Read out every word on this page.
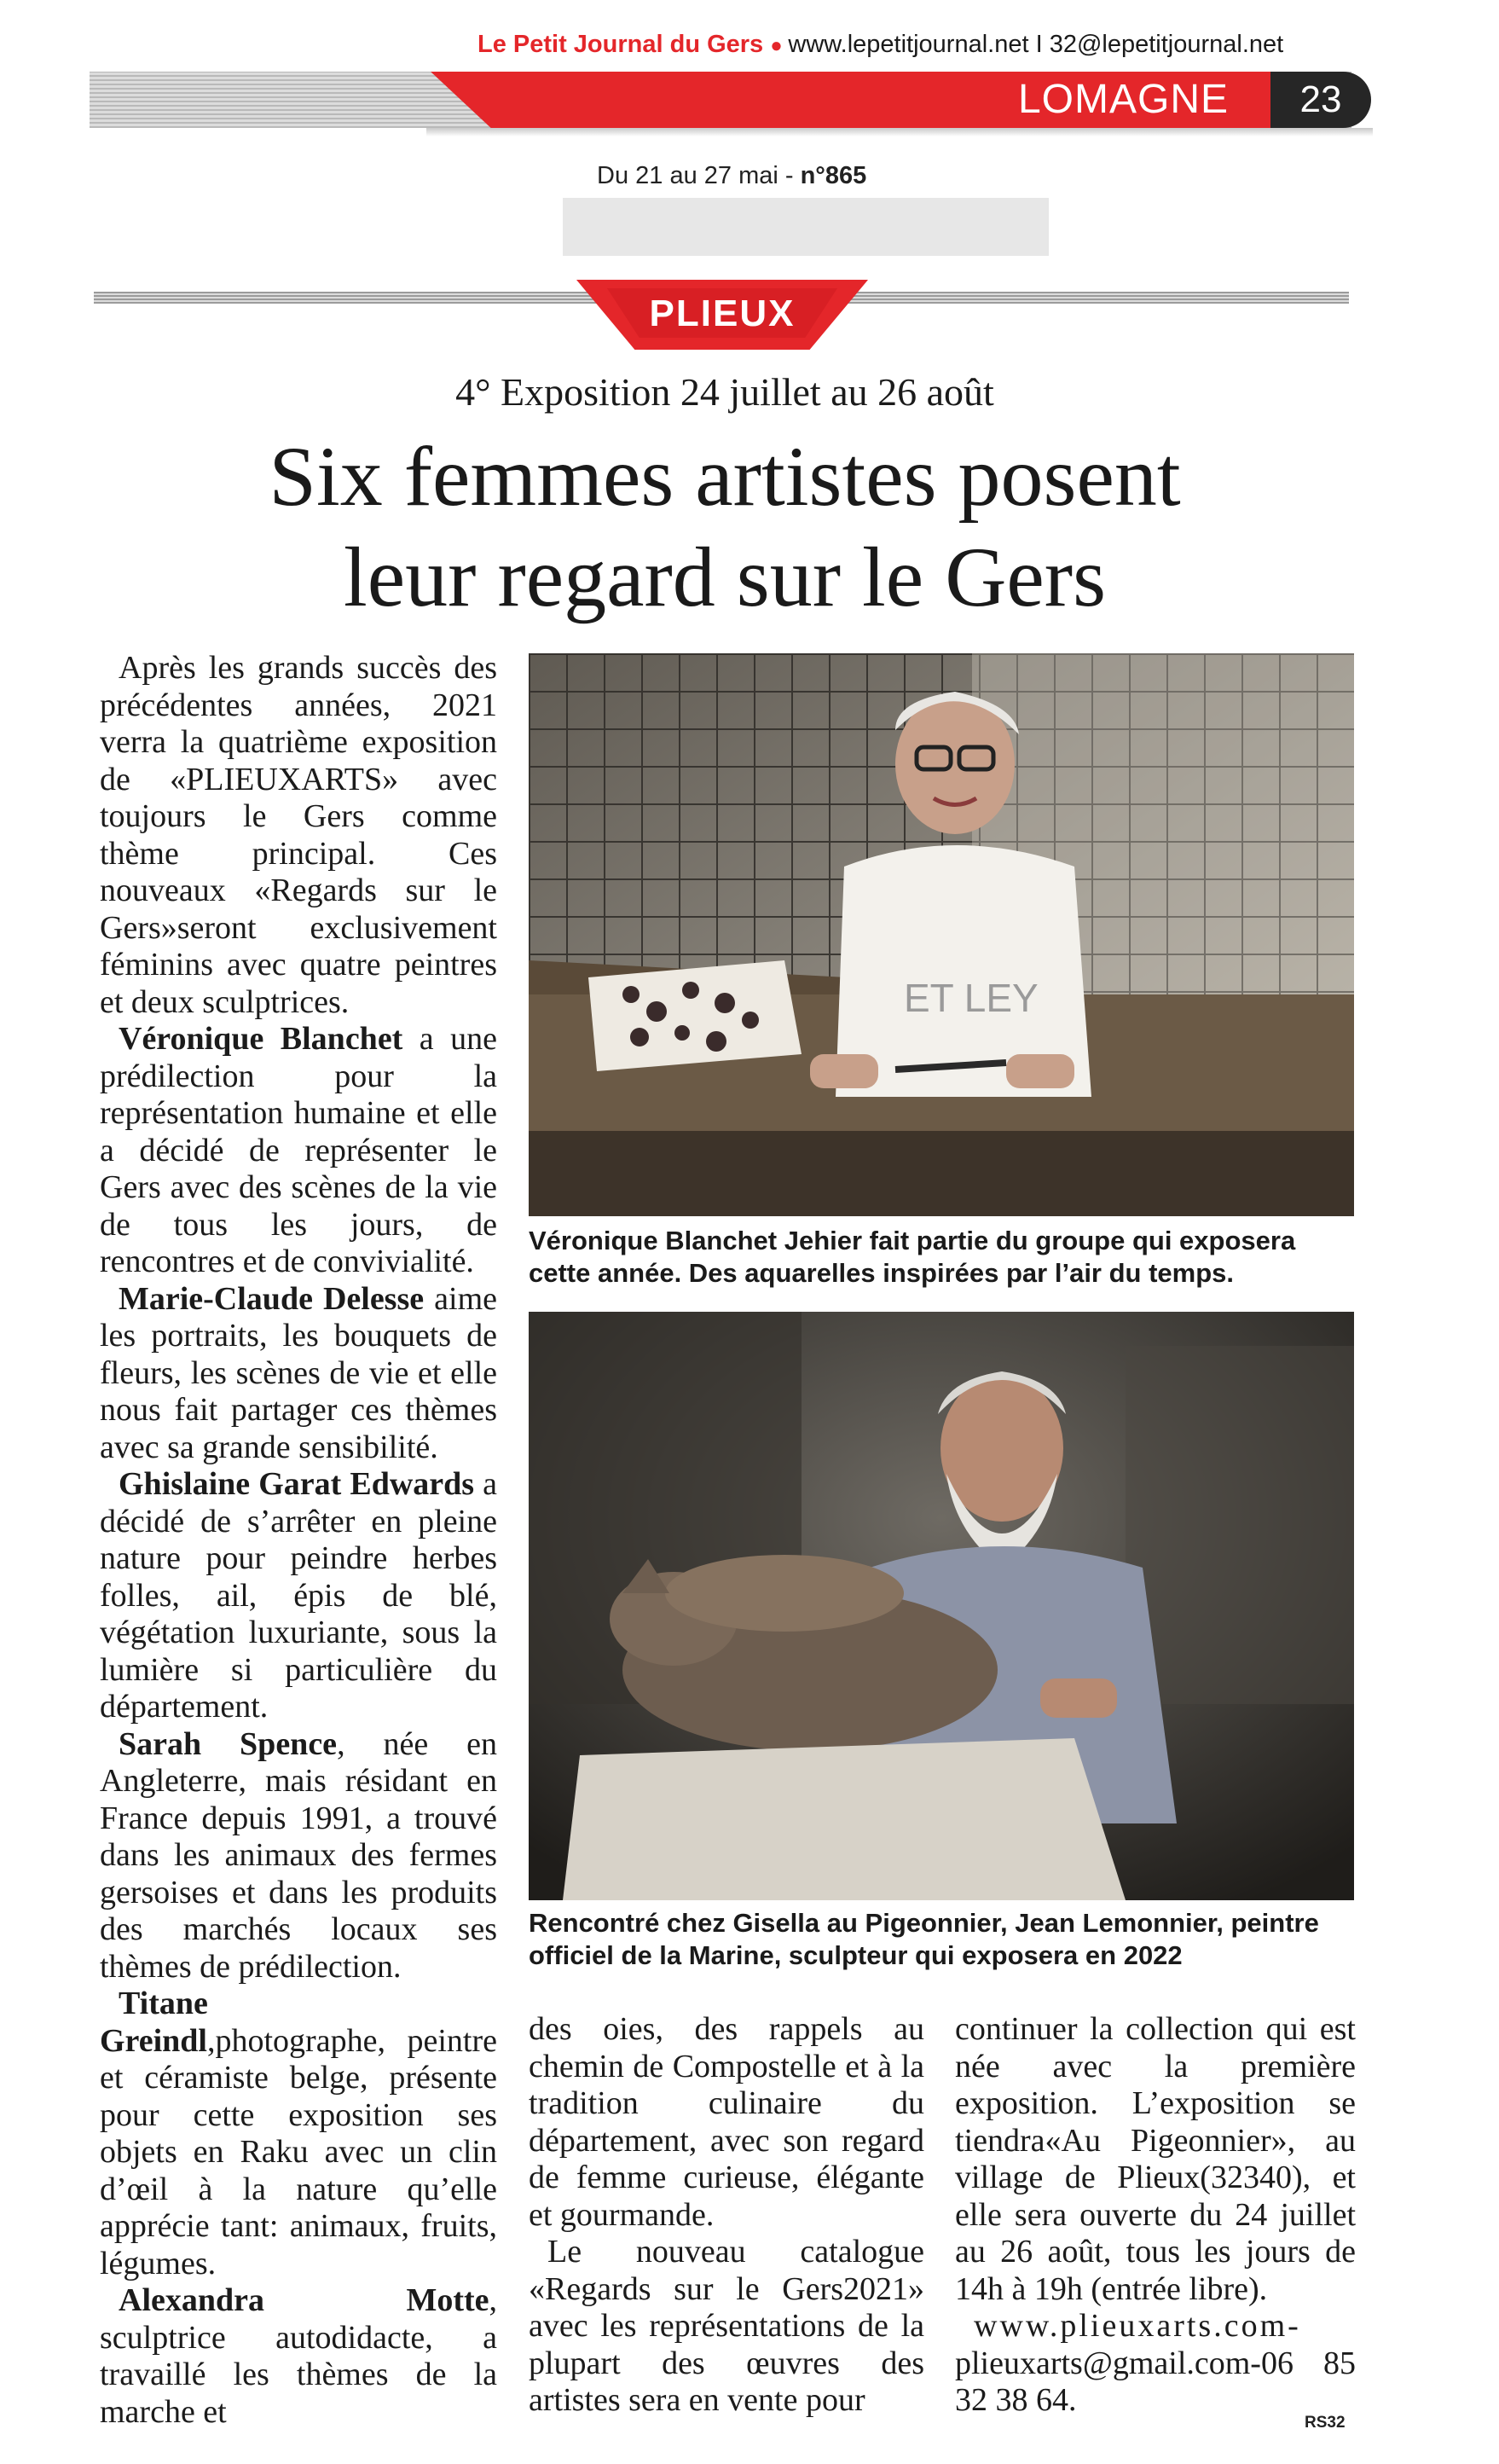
Le Petit Journal du Gers ● www.lepetitjournal.net I 32@lepetitjournal.net
LOMAGNE	23
Du 21 au 27 mai - n°865
PLIEUX
4° Exposition 24 juillet au 26 août
Six femmes artistes posent
leur regard sur le Gers

Après les grands succès des précédentes années, 2021 verra la quatrième exposition de «PLIEUXARTS» avec toujours le Gers comme thème principal. Ces nouveaux «Regards sur le Gers»seront exclusivement féminins avec quatre peintres et deux sculptrices.

Véronique Blanchet a une prédilection pour la représentation humaine et elle a décidé de représenter le Gers avec des scènes de la vie de tous les jours, de rencontres et de convivialité.

Marie-Claude Delesse aime les portraits, les bouquets de fleurs, les scènes de vie et elle nous fait partager ces thèmes avec sa grande sensibilité.

Ghislaine Garat Edwards a décidé de s’arrêter en pleine nature pour peindre herbes folles, ail, épis de blé, végétation luxuriante, sous la lumière si particulière du département.

Sarah Spence, née en Angleterre, mais résidant en France depuis 1991, a trouvé dans les animaux des fermes gersoises et dans les produits des marchés locaux ses thèmes de prédilection.

Titane Greindl,photographe, peintre et céramiste belge, présente pour cette exposition ses objets en Raku avec un clin d’œil à la nature qu’elle apprécie tant: animaux, fruits, légumes.

Alexandra Motte, sculptrice autodidacte, a travaillé les thèmes de la marche et

ET LEY
Véronique Blanchet Jehier fait partie du groupe qui exposera cette année. Des aquarelles inspirées par l’air du temps.
Rencontré chez Gisella au Pigeonnier, Jean Lemonnier, peintre officiel de la Marine, sculpteur qui exposera en 2022

des oies, des rappels au chemin de Compostelle et à la tradition culinaire du département, avec son regard de femme curieuse, élégante et gourmande.

Le nouveau catalogue «Regards sur le Gers2021» avec les représentations de la plupart des œuvres des artistes sera en vente pour

continuer la collection qui est née avec la première exposition. L’exposition se tiendra«Au Pigeonnier», au village de Plieux(32340), et elle sera ouverte du 24 juillet au 26 août, tous les jours de 14h à 19h (entrée libre).

www.plieuxarts.com-

plieuxarts@gmail.com-06 85 32 38 64.

RS32
